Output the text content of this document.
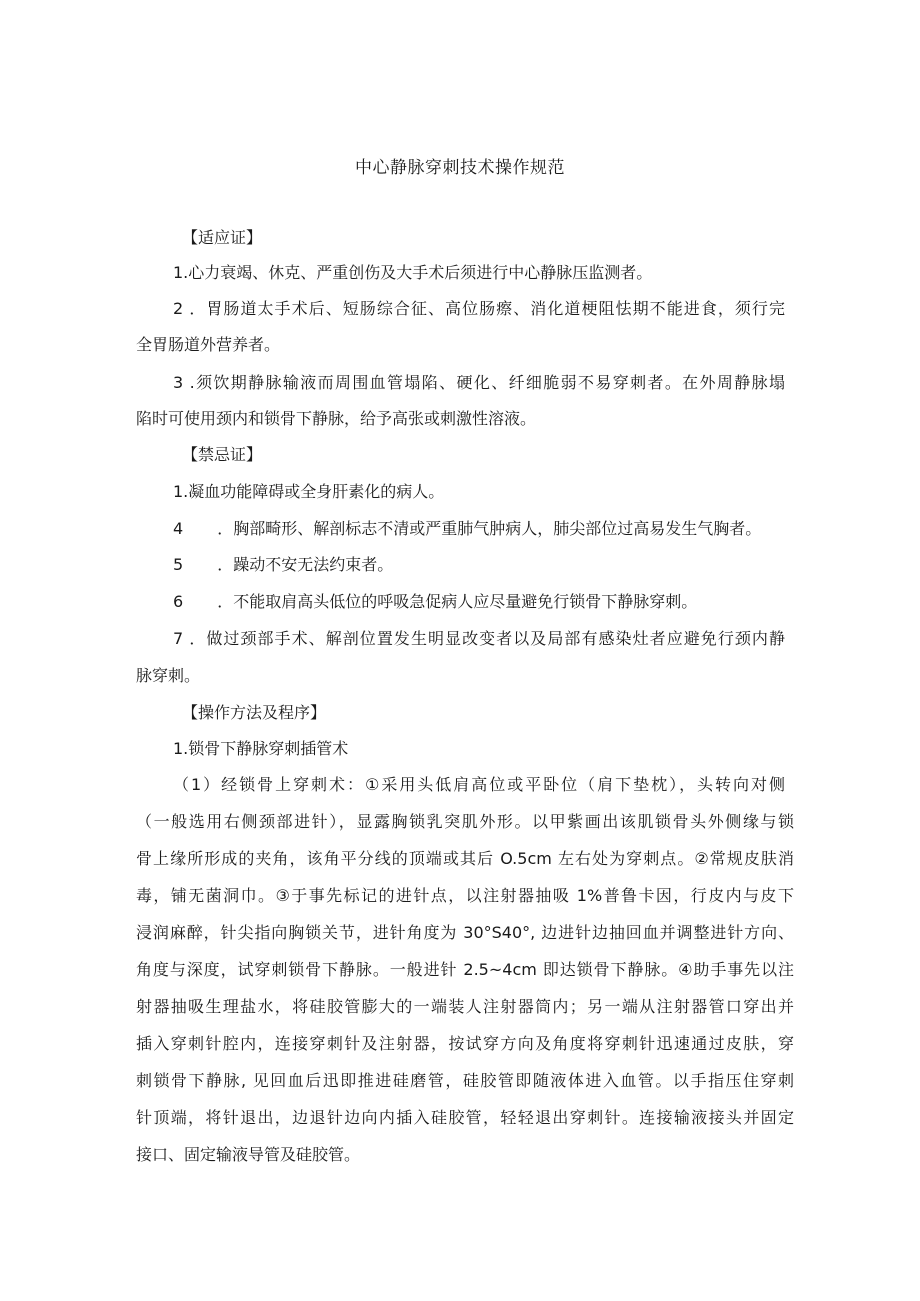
中心静脉穿刺技术操作规范
【适应证】
1.心力衰竭、休克、严重创伤及大手术后须进行中心静脉压监测者。
2 ．胃肠道太手术后、短肠综合征、高位肠瘵、消化道梗阻怯期不能进食，须行完
全胃肠道外营养者。
3 .须饮期静脉输液而周围血管塌陷、硬化、纤细脆弱不易穿刺者。在外周静脉塌
陷时可使用颈内和锁骨下静脉，给予高张或刺激性溶液。
【禁忌证】
1.凝血功能障碍或全身肝素化的病人。
4 ．胸部畸形、解剖标志不清或严重肺气肿病人，肺尖部位过高易发生气胸者。
5 ．躁动不安无法约束者。
6 ．不能取肩高头低位的呼吸急促病人应尽量避免行锁骨下静脉穿刺。
7 ．做过颈部手术、解剖位置发生明显改变者以及局部有感染灶者应避免行颈内静
脉穿刺。
【操作方法及程序】
1.锁骨下静脉穿刺插管术
（1）经锁骨上穿刺术：①采用头低肩高位或平卧位（肩下垫枕），头转向对侧
（一般选用右侧颈部进针），显露胸锁乳突肌外形。以甲紫画出该肌锁骨头外侧缘与锁
骨上缘所形成的夹角，该角平分线的顶端或其后 O.5cm 左右处为穿刺点。②常规皮肤消
毒，铺无菌洞巾。③于事先标记的进针点，以注射器抽吸 1%普鲁卡因，行皮内与皮下
浸润麻醉，针尖指向胸锁关节，进针角度为 30°S40°, 边进针边抽回血并调整进针方向、
角度与深度，试穿刺锁骨下静脉。一般进针 2.5~4cm 即达锁骨下静脉。④助手事先以注
射器抽吸生理盐水，将硅胶管膨大的一端装人注射器筒内；另一端从注射器管口穿出并
插入穿刺针腔内，连接穿刺针及注射器，按试穿方向及角度将穿刺针迅速通过皮肤，穿
刺锁骨下静脉, 见回血后迅即推进硅磨管，硅胶管即随液体进入血管。以手指压住穿刺
针顶端，将针退出，边退针边向内插入硅胶管，轻轻退出穿刺针。连接输液接头并固定
接口、固定输液导管及硅胶管。
